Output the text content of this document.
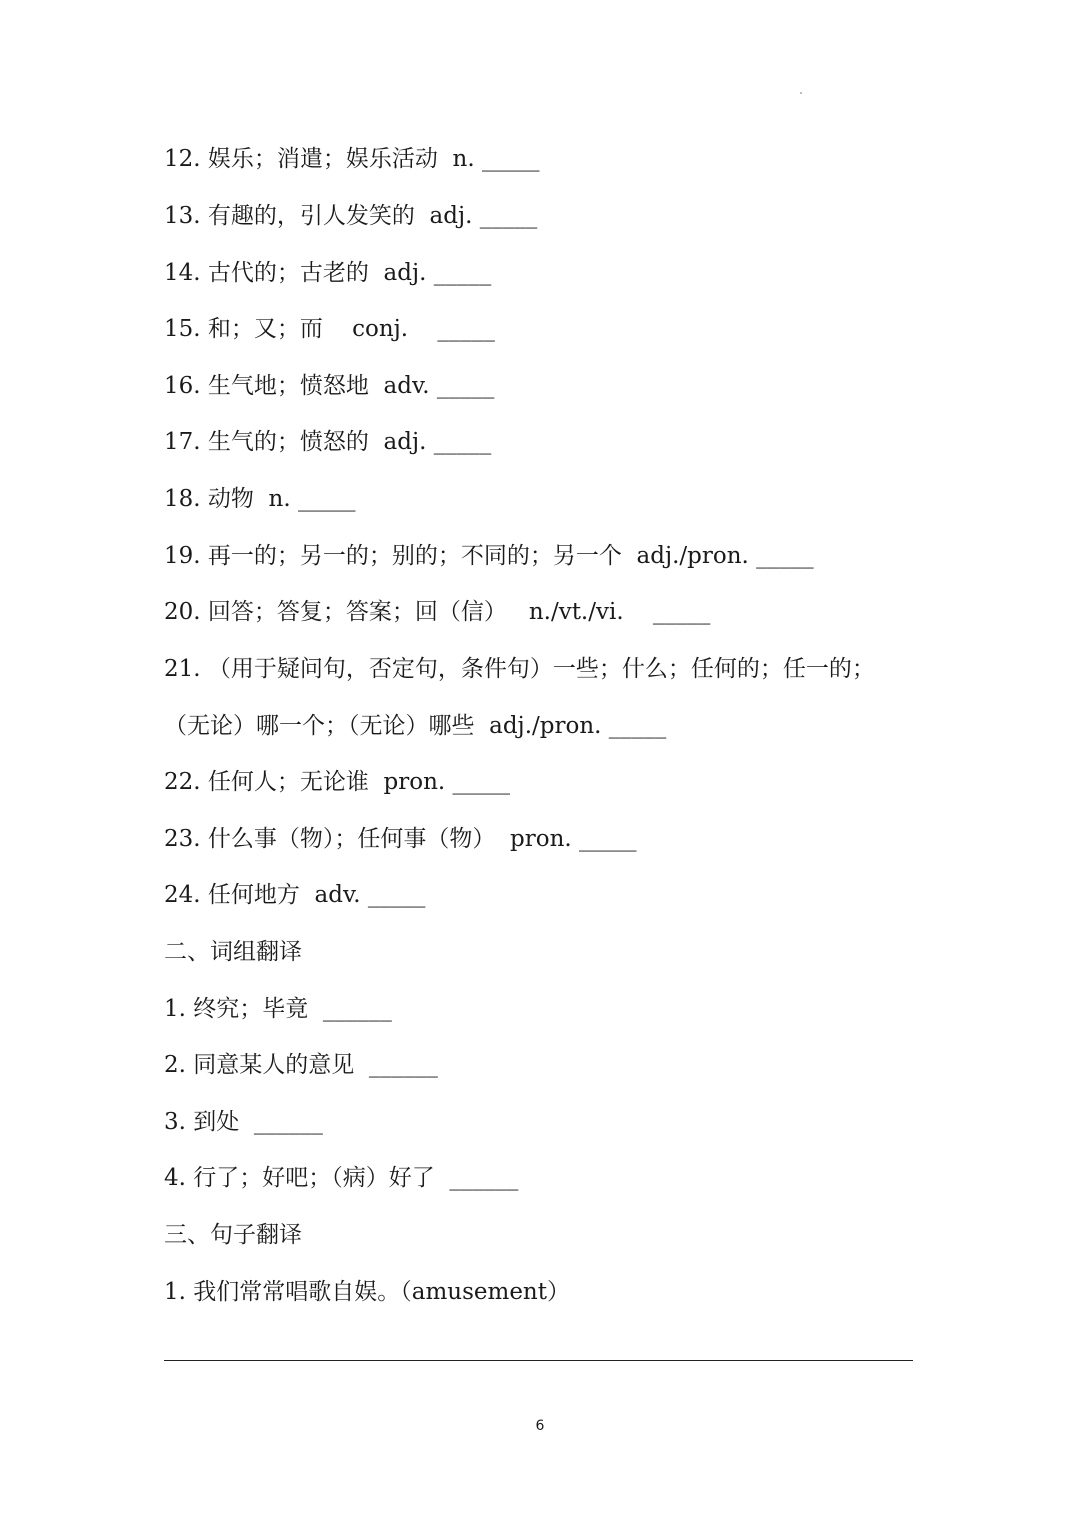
12. 娱乐；消遣；娱乐活动  n. _____
13. 有趣的，引人发笑的  adj. _____
14. 古代的；古老的  adj. _____
15. 和；又；而    conj.    _____
16. 生气地；愤怒地  adv. _____
17. 生气的；愤怒的  adj. _____
18. 动物  n. _____
19. 再一的；另一的；别的；不同的；另一个  adj./pron. _____
20. 回答；答复；答案；回（信）   n./vt./vi.    _____
21. （用于疑问句，否定句，条件句）一些；什么；任何的；任一的；
（无论）哪一个；（无论）哪些  adj./pron. _____
22. 任何人；无论谁  pron. _____
23. 什么事（物）；任何事（物）  pron. _____
24. 任何地方  adv. _____
二、词组翻译
1. 终究；毕竟  ______
2. 同意某人的意见  ______
3. 到处  ______
4. 行了；好吧；（病）好了  ______
三、句子翻译
1. 我们常常唱歌自娱。（amusement）
6
